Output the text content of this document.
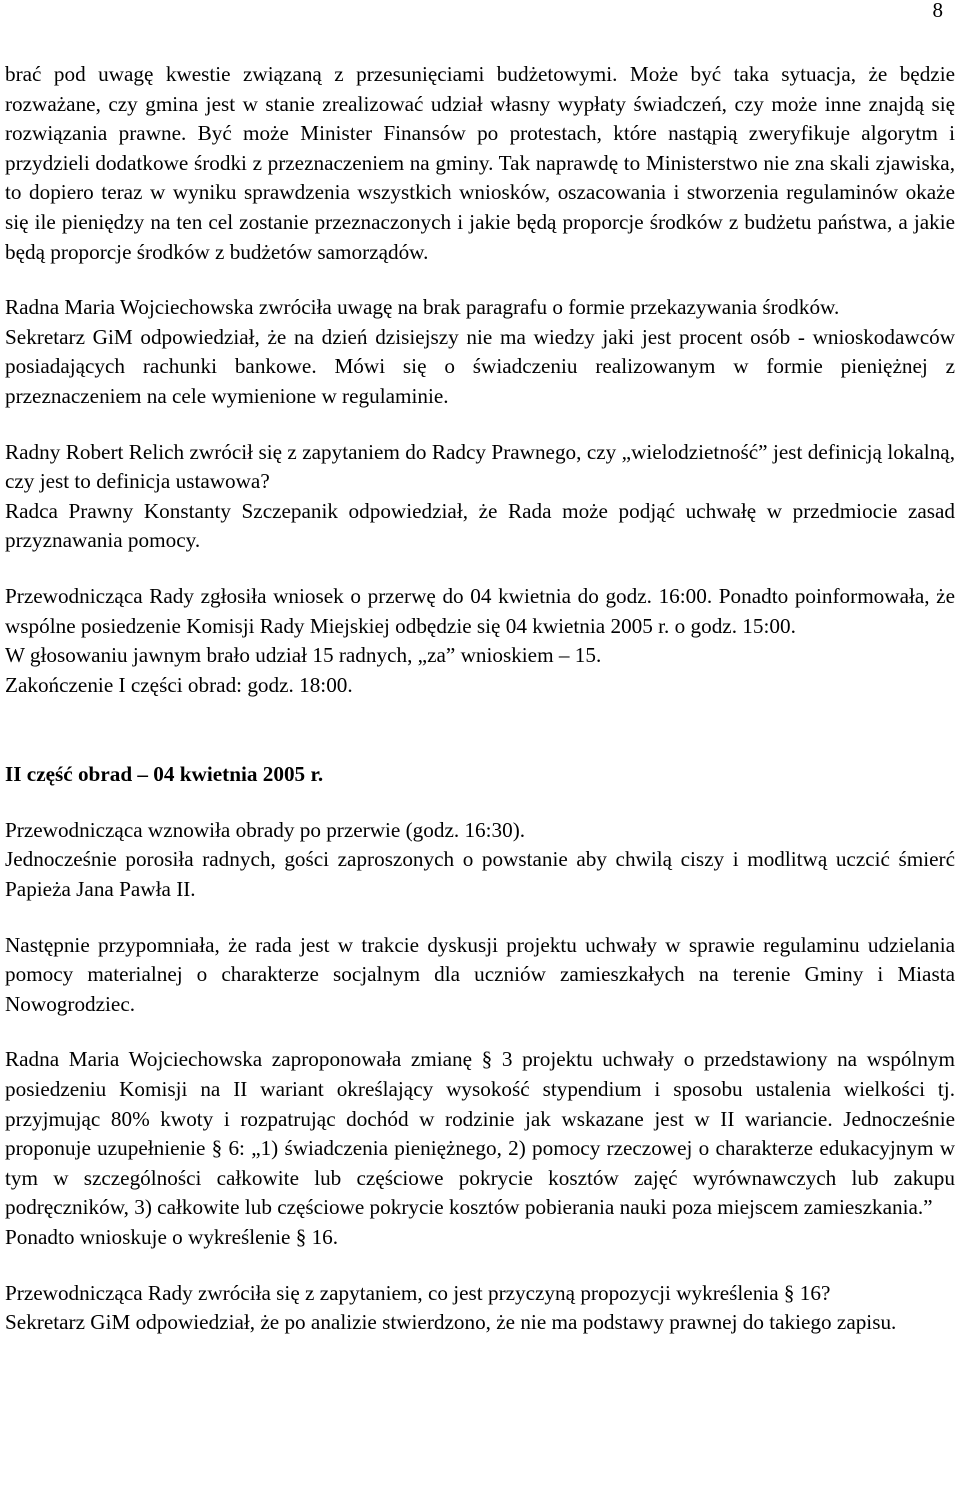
8

brać pod uwagę kwestie związaną z przesunięciami budżetowymi. Może być taka sytuacja, że będzie rozważane, czy gmina jest w stanie zrealizować udział własny wypłaty świadczeń, czy może inne znajdą się rozwiązania prawne. Być może Minister Finansów po protestach, które nastąpią zweryfikuje algorytm i przydzieli dodatkowe środki z przeznaczeniem na gminy. Tak naprawdę to Ministerstwo nie zna skali zjawiska, to dopiero teraz w wyniku sprawdzenia wszystkich wniosków, oszacowania i stworzenia regulaminów okaże się ile pieniędzy na ten cel zostanie przeznaczonych i jakie będą proporcje środków z budżetu państwa, a jakie będą proporcje środków z budżetów samorządów.

Radna Maria Wojciechowska zwróciła uwagę na brak paragrafu o formie przekazywania środków.

Sekretarz GiM odpowiedział, że na dzień dzisiejszy nie ma wiedzy jaki jest procent osób - wnioskodawców posiadających rachunki bankowe. Mówi się o świadczeniu realizowanym w formie pieniężnej z przeznaczeniem na cele wymienione w regulaminie.

Radny Robert Relich zwrócił się z zapytaniem do Radcy Prawnego, czy „wielodzietność” jest definicją lokalną, czy jest to definicja ustawowa?

Radca Prawny Konstanty Szczepanik odpowiedział, że Rada może podjąć uchwałę w przedmiocie zasad przyznawania pomocy.

Przewodnicząca Rady zgłosiła wniosek o przerwę do 04 kwietnia do godz. 16:00. Ponadto poinformowała, że wspólne posiedzenie Komisji Rady Miejskiej odbędzie się 04 kwietnia 2005 r. o godz. 15:00.

W głosowaniu jawnym brało udział 15 radnych, „za” wnioskiem – 15.

Zakończenie I części obrad: godz. 18:00.

II część obrad – 04 kwietnia 2005 r.

Przewodnicząca wznowiła obrady po przerwie (godz. 16:30).

Jednocześnie porosiła radnych, gości zaproszonych o powstanie aby chwilą ciszy i modlitwą uczcić śmierć Papieża Jana Pawła II.

Następnie przypomniała, że rada jest w trakcie dyskusji projektu uchwały w sprawie regulaminu udzielania pomocy materialnej o charakterze socjalnym dla uczniów zamieszkałych na terenie Gminy i Miasta Nowogrodziec.

Radna Maria Wojciechowska zaproponowała zmianę § 3 projektu uchwały o przedstawiony na wspólnym posiedzeniu Komisji na II wariant określający wysokość stypendium i sposobu ustalenia wielkości tj. przyjmując 80% kwoty i rozpatrując dochód w rodzinie jak wskazane jest w II wariancie. Jednocześnie proponuje uzupełnienie § 6: „1) świadczenia pieniężnego, 2) pomocy rzeczowej o charakterze edukacyjnym w tym w szczególności całkowite lub częściowe pokrycie kosztów zajęć wyrównawczych lub zakupu podręczników, 3) całkowite lub częściowe pokrycie kosztów pobierania nauki poza miejscem zamieszkania.”

Ponadto wnioskuje o wykreślenie § 16.

Przewodnicząca Rady zwróciła się z zapytaniem, co jest przyczyną propozycji wykreślenia § 16?

Sekretarz GiM odpowiedział, że po analizie stwierdzono, że nie ma podstawy prawnej do takiego zapisu.
